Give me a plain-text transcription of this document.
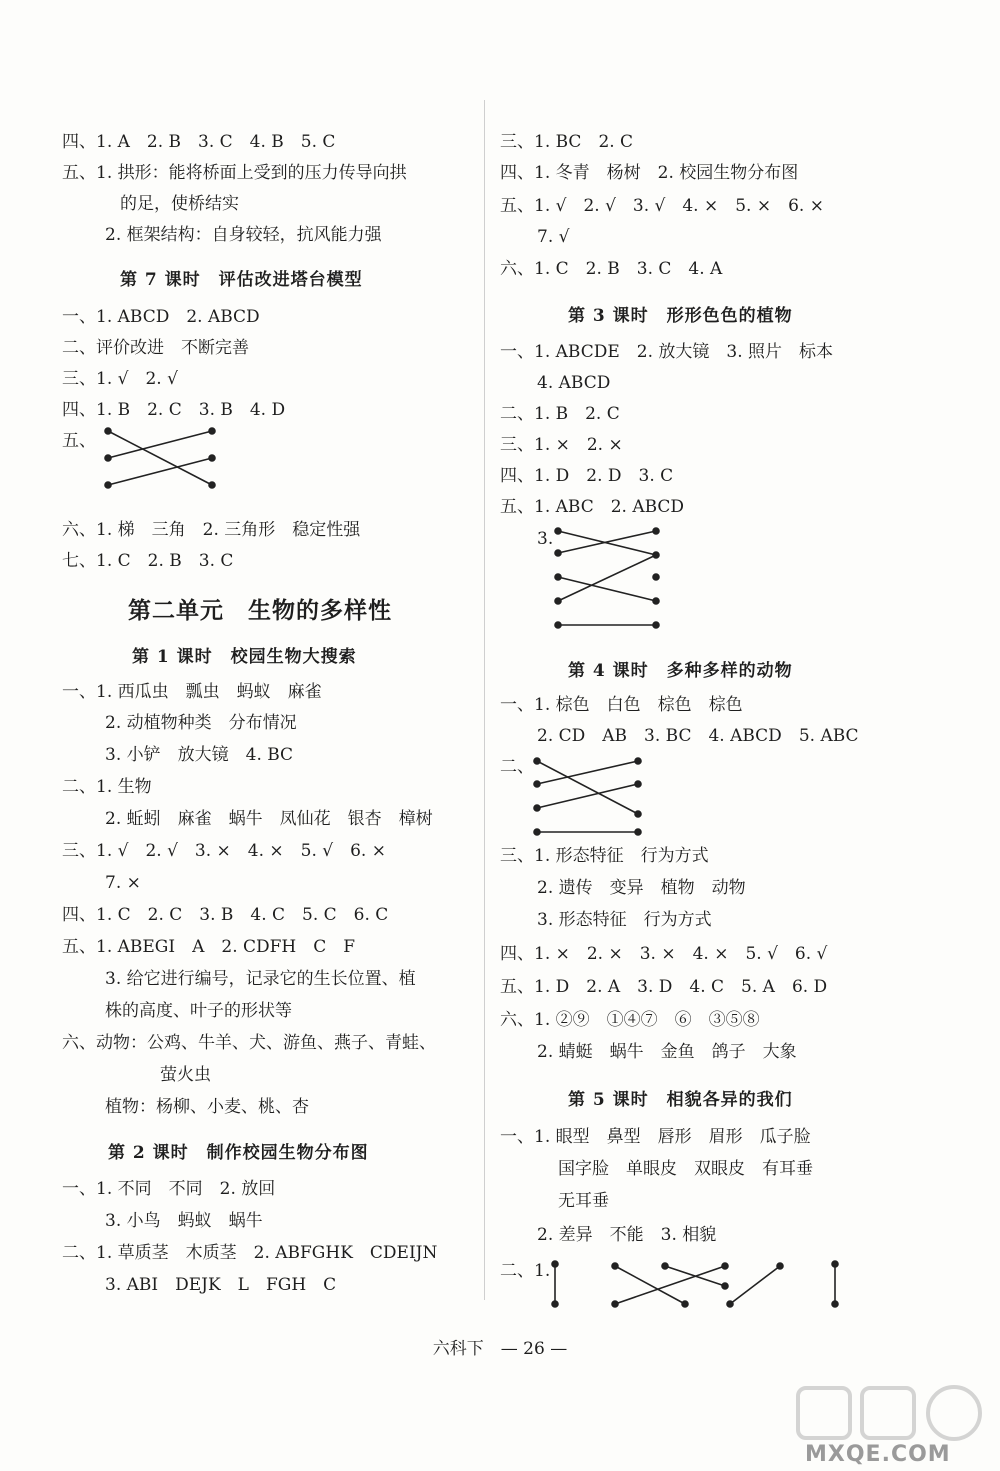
四、1. A　2. B　3. C　4. B　5. C
五、1. 拱形：能将桥面上受到的压力传导向拱
的足，使桥结实
2. 框架结构：自身较轻，抗风能力强
第 7 课时　评估改进塔台模型
一、1. ABCD　2. ABCD
二、评价改进　不断完善
三、1. √　2. √
四、1. B　2. C　3. B　4. D
五、
六、1. 梯　三角　2. 三角形　稳定性强
七、1. C　2. B　3. C
第二单元　生物的多样性
第 1 课时　校园生物大搜索
一、1. 西瓜虫　瓢虫　蚂蚁　麻雀
2. 动植物种类　分布情况
3. 小铲　放大镜　4. BC
二、1. 生物
2. 蚯蚓　麻雀　蜗牛　凤仙花　银杏　樟树
三、1. √　2. √　3. ×　4. ×　5. √　6. ×
7. ×
四、1. C　2. C　3. B　4. C　5. C　6. C
五、1. ABEGI　A　2. CDFH　C　F
3. 给它进行编号，记录它的生长位置、植
株的高度、叶子的形状等
六、动物：公鸡、牛羊、犬、游鱼、燕子、青蛙、
萤火虫
植物：杨柳、小麦、桃、杏
第 2 课时　制作校园生物分布图
一、1. 不同　不同　2. 放回
3. 小鸟　蚂蚁　蜗牛
二、1. 草质茎　木质茎　2. ABFGHK　CDEIJN
3. ABI　DEJK　L　FGH　C
三、1. BC　2. C
四、1. 冬青　杨树　2. 校园生物分布图
五、1. √　2. √　3. √　4. ×　5. ×　6. ×
7. √
六、1. C　2. B　3. C　4. A
第 3 课时　形形色色的植物
一、1. ABCDE　2. 放大镜　3. 照片　标本
4. ABCD
二、1. B　2. C
三、1. ×　2. ×
四、1. D　2. D　3. C
五、1. ABC　2. ABCD
3.
第 4 课时　多种多样的动物
一、1. 棕色　白色　棕色　棕色
2. CD　AB　3. BC　4. ABCD　5. ABC
二、
三、1. 形态特征　行为方式
2. 遗传　变异　植物　动物
3. 形态特征　行为方式
四、1. ×　2. ×　3. ×　4. ×　5. √　6. √
五、1. D　2. A　3. D　4. C　5. A　6. D
六、1. ②⑨　①④⑦　⑥　③⑤⑧
2. 蜻蜓　蜗牛　金鱼　鸽子　大象
第 5 课时　相貌各异的我们
一、1. 眼型　鼻型　唇形　眉形　瓜子脸
国字脸　单眼皮　双眼皮　有耳垂
无耳垂
2. 差异　不能　3. 相貌
二、1.
六科下　— 26 —
MXQE.COM
